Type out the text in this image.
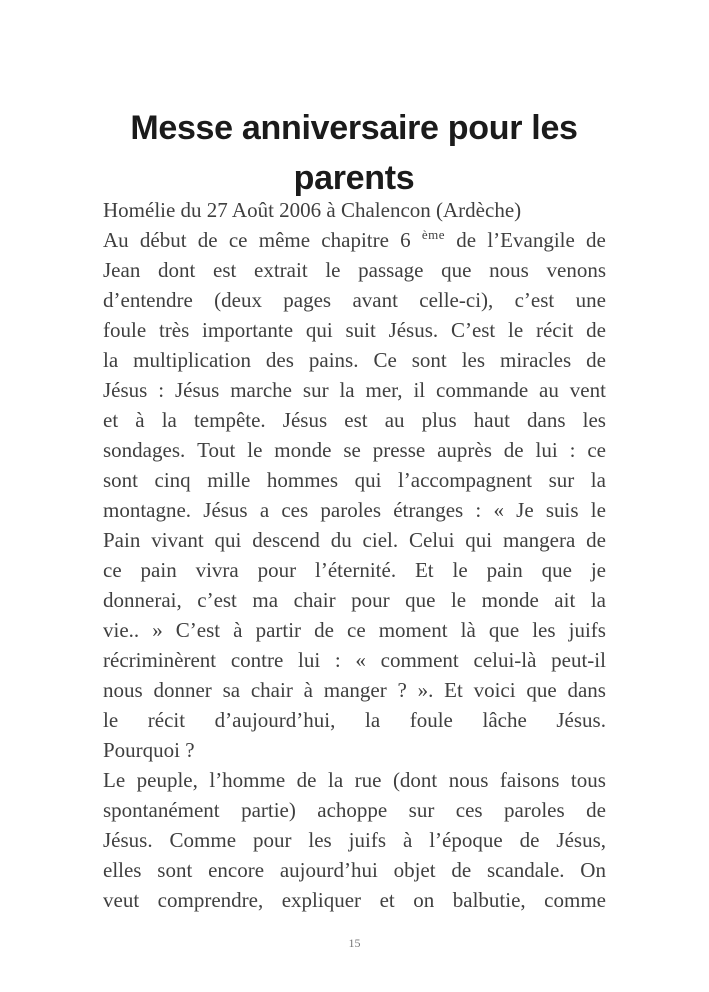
Messe anniversaire pour les
parents
Homélie du 27 Août 2006 à Chalencon (Ardèche)
Au début de ce même chapitre 6 $^{ème}$ de l’Evangile de
Jean dont est extrait le passage que nous venons
d’entendre (deux pages avant celle-ci), c’est une
foule très importante qui suit Jésus. C’est le récit de
la multiplication des pains. Ce sont les miracles de
Jésus : Jésus marche sur la mer, il commande au vent
et à la tempête. Jésus est au plus haut dans les
sondages. Tout le monde se presse auprès de lui : ce
sont cinq mille hommes qui l’accompagnent sur la
montagne. Jésus a ces paroles étranges : « Je suis le
Pain vivant qui descend du ciel. Celui qui mangera de
ce pain vivra pour l’éternité. Et le pain que je
donnerai, c’est ma chair pour que le monde ait la
vie.. » C’est à partir de ce moment là que les juifs
récriminèrent contre lui : « comment celui-là peut-il
nous donner sa chair à manger ? ». Et voici que dans
le récit d’aujourd’hui, la foule lâche Jésus.
Pourquoi ?
Le peuple, l’homme de la rue (dont nous faisons tous
spontanément partie) achoppe sur ces paroles de
Jésus. Comme pour les juifs à l’époque de Jésus,
elles sont encore aujourd’hui objet de scandale. On
veut comprendre, expliquer et on balbutie, comme
15
